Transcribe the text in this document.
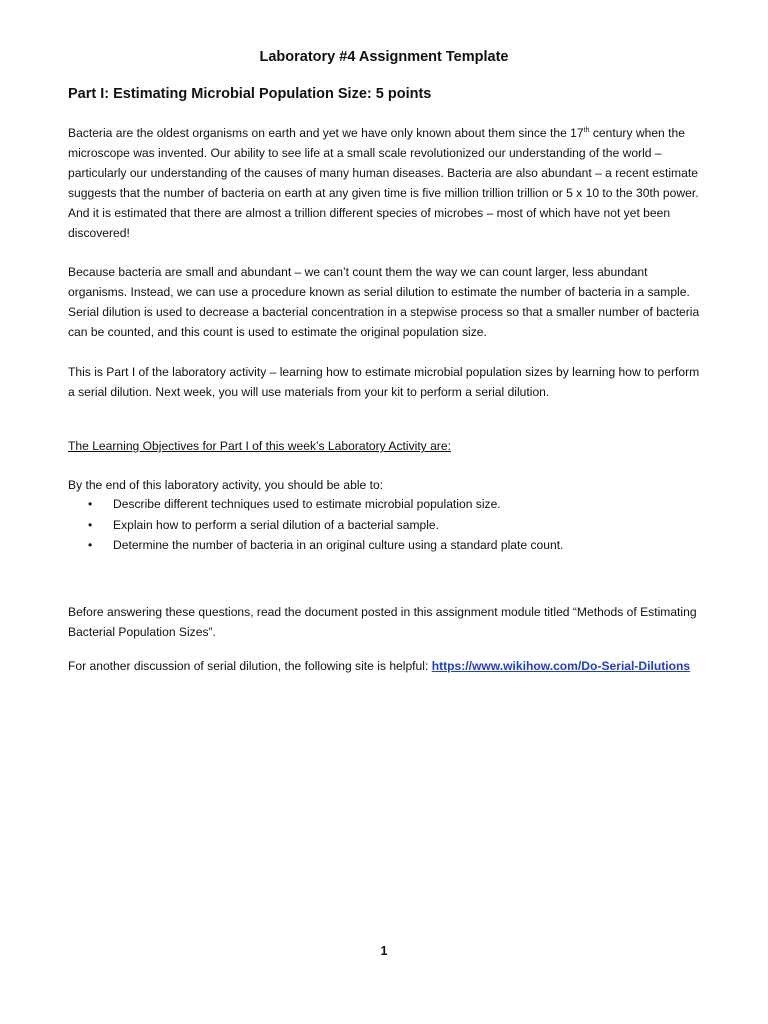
Laboratory #4 Assignment Template
Part I: Estimating Microbial Population Size: 5 points

Bacteria are the oldest organisms on earth and yet we have only known about them since the 17th century when the microscope was invented. Our ability to see life at a small scale revolutionized our understanding of the world – particularly our understanding of the causes of many human diseases. Bacteria are also abundant – a recent estimate suggests that the number of bacteria on earth at any given time is five million trillion trillion or 5 x 10 to the 30th power. And it is estimated that there are almost a trillion different species of microbes – most of which have not yet been discovered!

Because bacteria are small and abundant – we can’t count them the way we can count larger, less abundant organisms. Instead, we can use a procedure known as serial dilution to estimate the number of bacteria in a sample. Serial dilution is used to decrease a bacterial concentration in a stepwise process so that a smaller number of bacteria can be counted, and this count is used to estimate the original population size.

This is Part I of the laboratory activity – learning how to estimate microbial population sizes by learning how to perform a serial dilution. Next week, you will use materials from your kit to perform a serial dilution.

The Learning Objectives for Part I of this week’s Laboratory Activity are:
By the end of this laboratory activity, you should be able to:
• Describe different techniques used to estimate microbial population size.
• Explain how to perform a serial dilution of a bacterial sample.
• Determine the number of bacteria in an original culture using a standard plate count.

Before answering these questions, read the document posted in this assignment module titled “Methods of Estimating Bacterial Population Sizes”.

For another discussion of serial dilution, the following site is helpful: https://www.wikihow.com/Do-Serial-Dilutions
1
